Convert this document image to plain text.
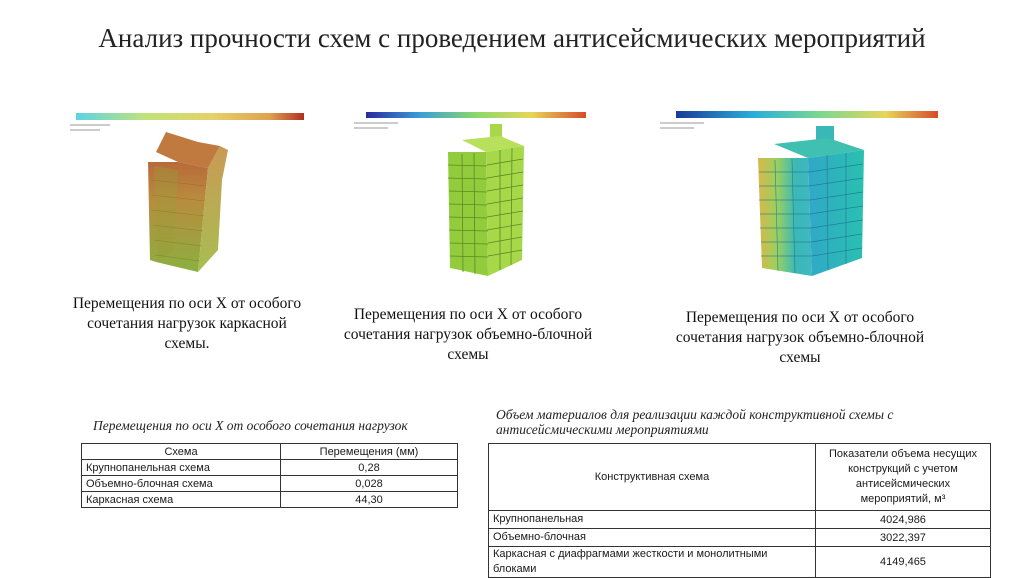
Анализ прочности схем с проведением антисейсмических мероприятий
Перемещения по оси X от особого сочетания нагрузок каркасной схемы.
Перемещения по оси X от особого сочетания нагрузок объемно-блочной схемы
Перемещения по оси X от особого сочетания нагрузок объемно-блочной схемы
Перемещения по оси X от особого сочетания нагрузок
Схема	Перемещения (мм)
Крупнопанельная схема	0,28
Объемно-блочная схема	0,028
Каркасная схема	44,30
Объем материалов для реализации каждой конструктивной схемы с антисейсмическими мероприятиями
Конструктивная схема	Показатели объема несущих конструкций с учетом антисейсмических мероприятий, м³
Крупнопанельная	4024,986
Объемно-блочная	3022,397
Каркасная с диафрагмами жесткости и монолитными блоками	4149,465
